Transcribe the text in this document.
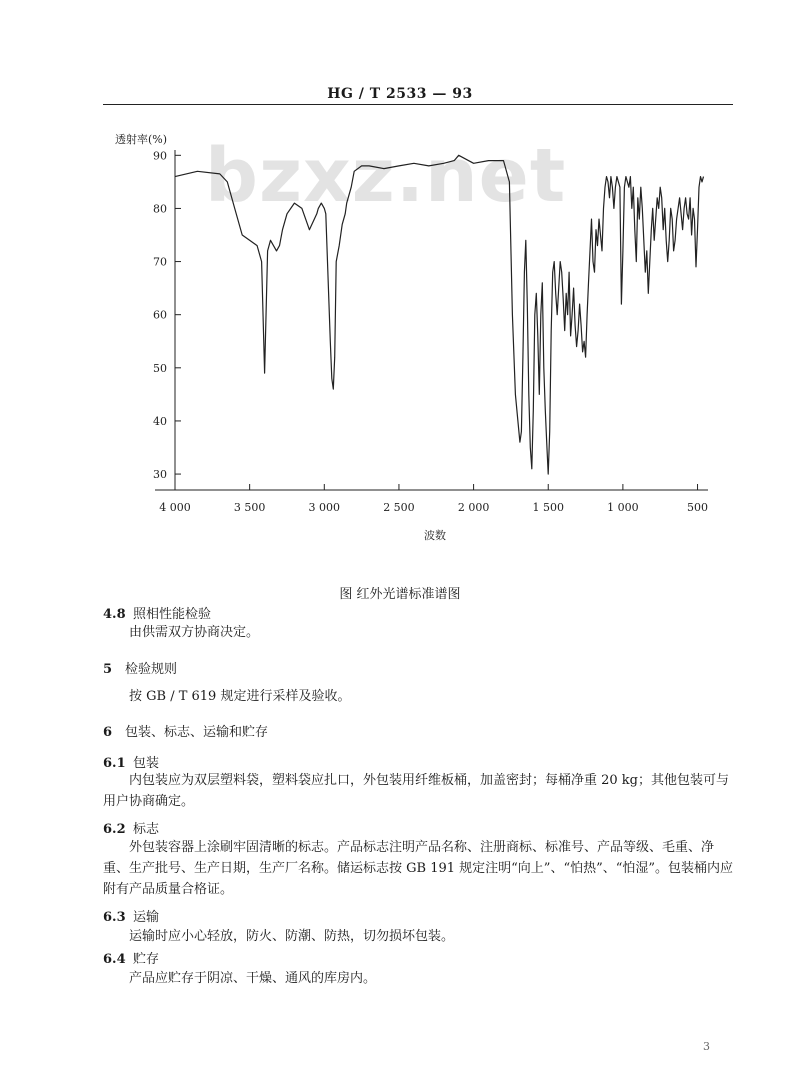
HG / T 2533 — 93
bzxz.net
透射率(%)
波数
30
40
50
60
70
80
90
4 000	3 500	3 000	2 500	2 000	1 500	1 000	500
图 红外光谱标准谱图
4.8 照相性能检验
由供需双方协商决定。
5 检验规则
按 GB / T 619 规定进行采样及验收。
6 包装、标志、运输和贮存
6.1 包装
内包装应为双层塑料袋，塑料袋应扎口，外包装用纤维板桶，加盖密封；每桶净重 20 kg；其他包装可与用户协商确定。
6.2 标志
外包装容器上涂刷牢固清晰的标志。产品标志注明产品名称、注册商标、标准号、产品等级、毛重、净重、生产批号、生产日期，生产厂名称。储运标志按 GB 191 规定注明“向上”、“怕热”、“怕湿”。包装桶内应附有产品质量合格证。
6.3 运输
运输时应小心轻放，防火、防潮、防热，切勿损坏包装。
6.4 贮存
产品应贮存于阴凉、干燥、通风的库房内。
3
